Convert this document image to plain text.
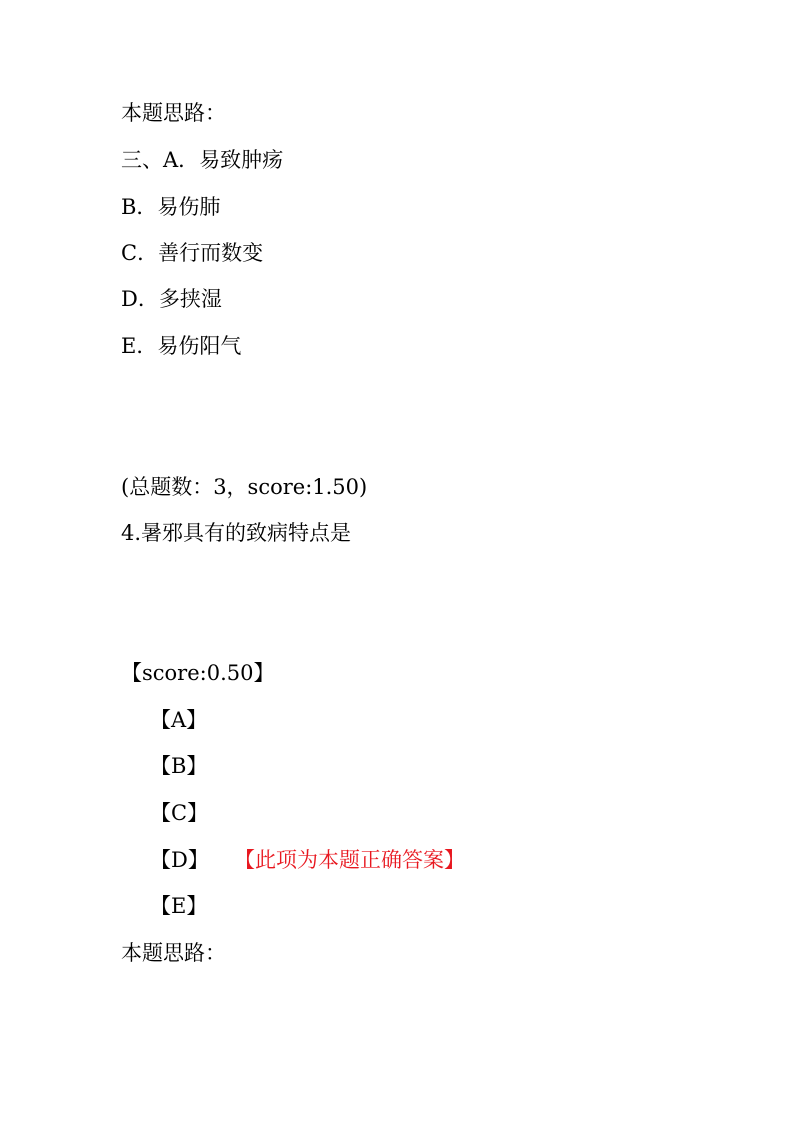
本题思路：
三、A．易致肿疡
B．易伤肺
C．善行而数变
D．多挟湿
E．易伤阳气
(总题数：3，score:1.50)
4.暑邪具有的致病特点是
【score:0.50】
【A】
【B】
【C】
【D】 【此项为本题正确答案】
【E】
本题思路：
